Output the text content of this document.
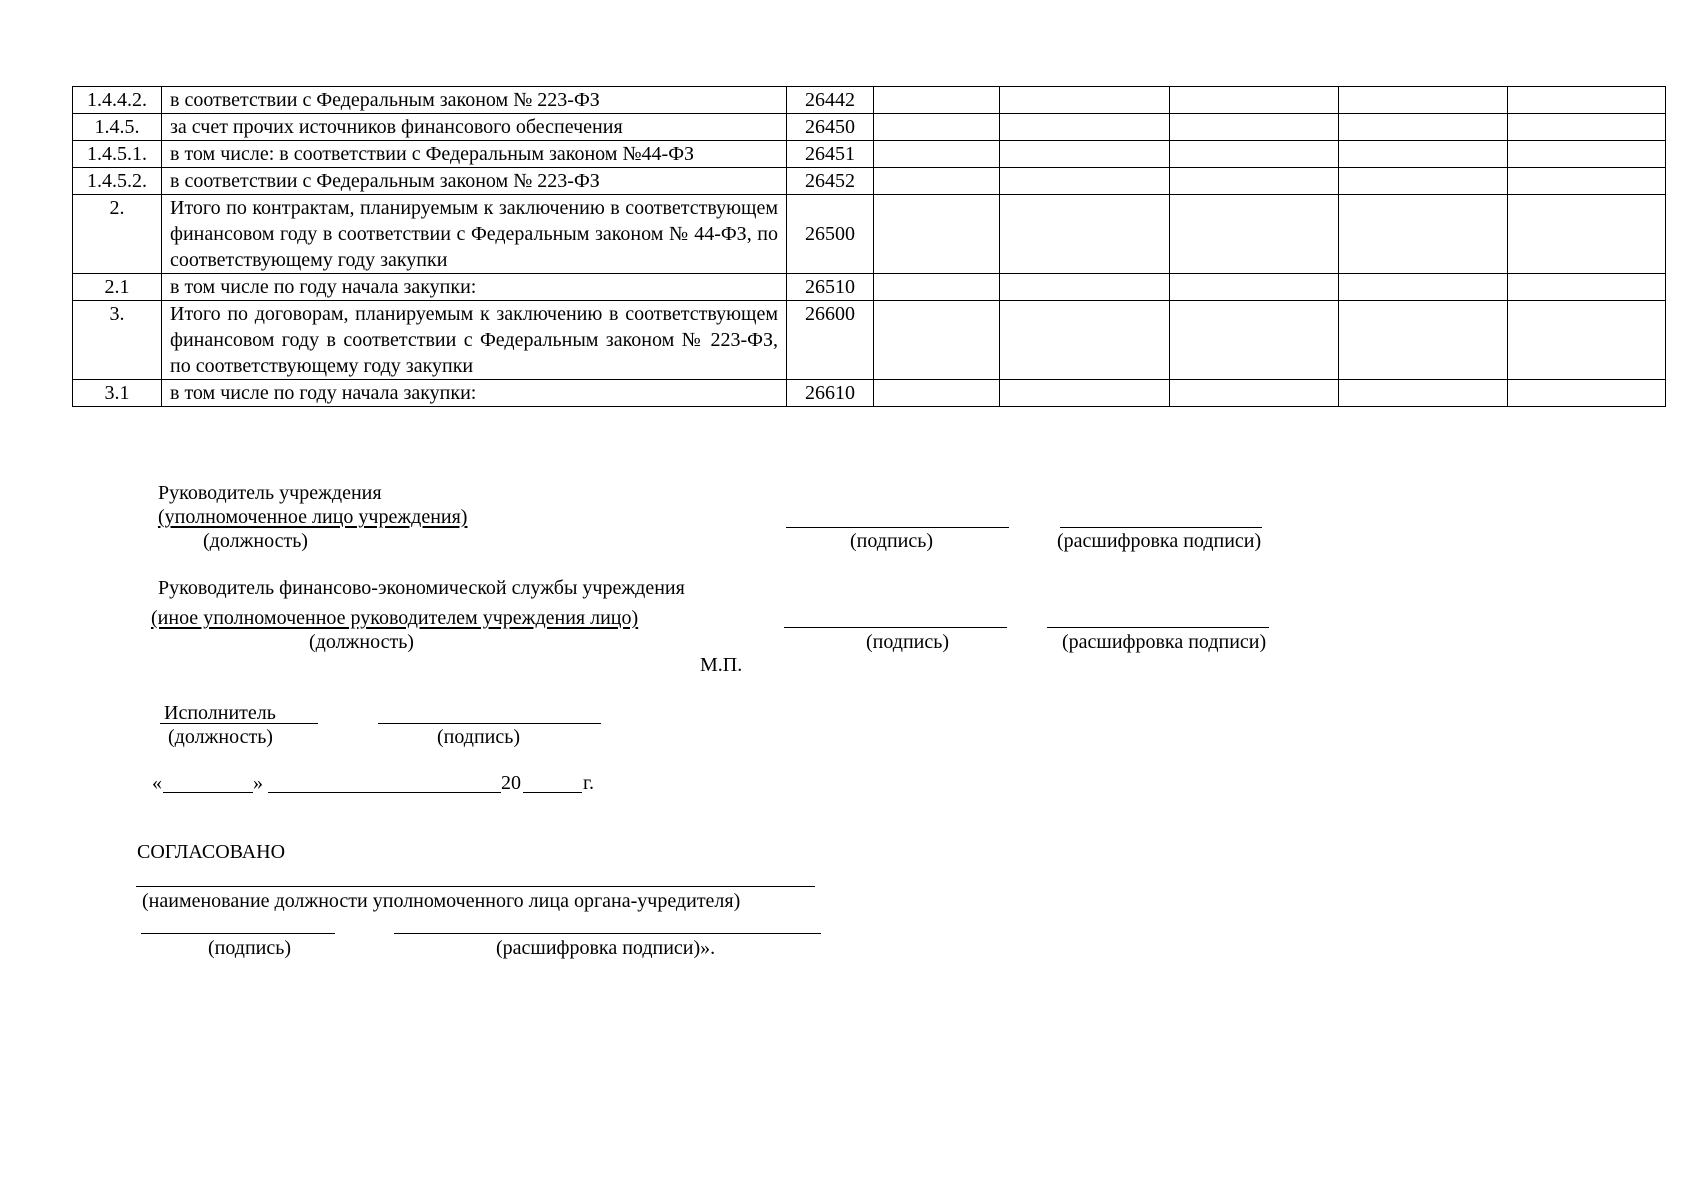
1.4.4.2.	в соответствии с Федеральным законом № 223-ФЗ	26442					
1.4.5.	за счет прочих источников финансового обеспечения	26450					
1.4.5.1.	в том числе: в соответствии с Федеральным законом №44-ФЗ	26451					
1.4.5.2.	в соответствии с Федеральным законом № 223-ФЗ	26452					
2.	Итого по контрактам, планируемым к заключению в соответствующем финансовом году в соответствии с Федеральным законом № 44-ФЗ, по соответствующему году закупки	26500					
2.1	в том числе по году начала закупки:	26510					
3.	Итого по договорам, планируемым к заключению в соответствующем финансовом году в соответствии с Федеральным законом № 223-ФЗ, по соответствующему году закупки	26600					
3.1	в том числе по году начала закупки:	26610					
Руководитель учреждения
(уполномоченное лицо учреждения)
(должность)	(подпись)	(расшифровка подписи)
Руководитель финансово-экономической службы учреждения
(иное уполномоченное руководителем учреждения лицо)
(должность)	(подпись)	(расшифровка подписи)
М.П.
Исполнитель
(должность)	(подпись)
«	»	20	г.
СОГЛАСОВАНО
(наименование должности уполномоченного лица органа-учредителя)
(подпись)	(расшифровка подписи)».
